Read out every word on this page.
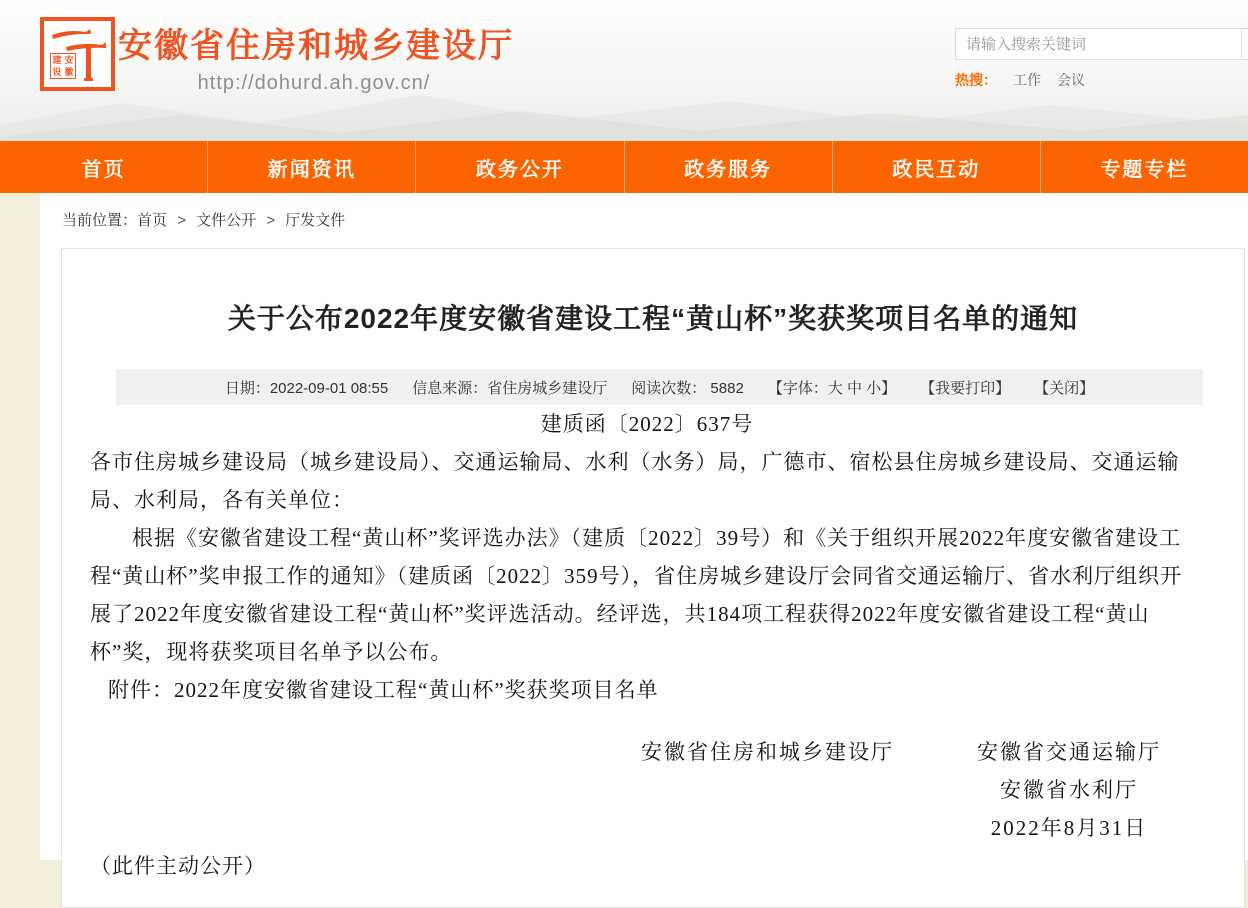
安
建
徽
设
安徽省住房和城乡建设厅
http://dohurd.ah.gov.cn/
请输入搜索关键词	热搜： 工作 会议
首页	新闻资讯	政务公开	政务服务	政民互动	专题专栏
当前位置：首页 > 文件公开 > 厅发文件
关于公布2022年度安徽省建设工程“黄山杯”奖获奖项目名单的通知
日期：2022-09-01 08:55 信息来源：省住房城乡建设厅 阅读次数： 5882 【字体：大 中 小】 【我要打印】 【关闭】

建质函〔2022〕637号

各市住房城乡建设局（城乡建设局）、交通运输局、水利（水务）局，广德市、宿松县住房城乡建设局、交通运输局、水利局，各有关单位：

根据《安徽省建设工程“黄山杯”奖评选办法》（建质〔2022〕39号）和《关于组织开展2022年度安徽省建设工程“黄山杯”奖申报工作的通知》（建质函〔2022〕359号），省住房城乡建设厅会同省交通运输厅、省水利厅组织开展了2022年度安徽省建设工程“黄山杯”奖评选活动。经评选，共184项工程获得2022年度安徽省建设工程“黄山杯”奖，现将获奖项目名单予以公布。

附件：2022年度安徽省建设工程“黄山杯”奖获奖项目名单

安徽省住房和城乡建设厅	安徽省交通运输厅
安徽省水利厅
2022年8月31日

（此件主动公开）
